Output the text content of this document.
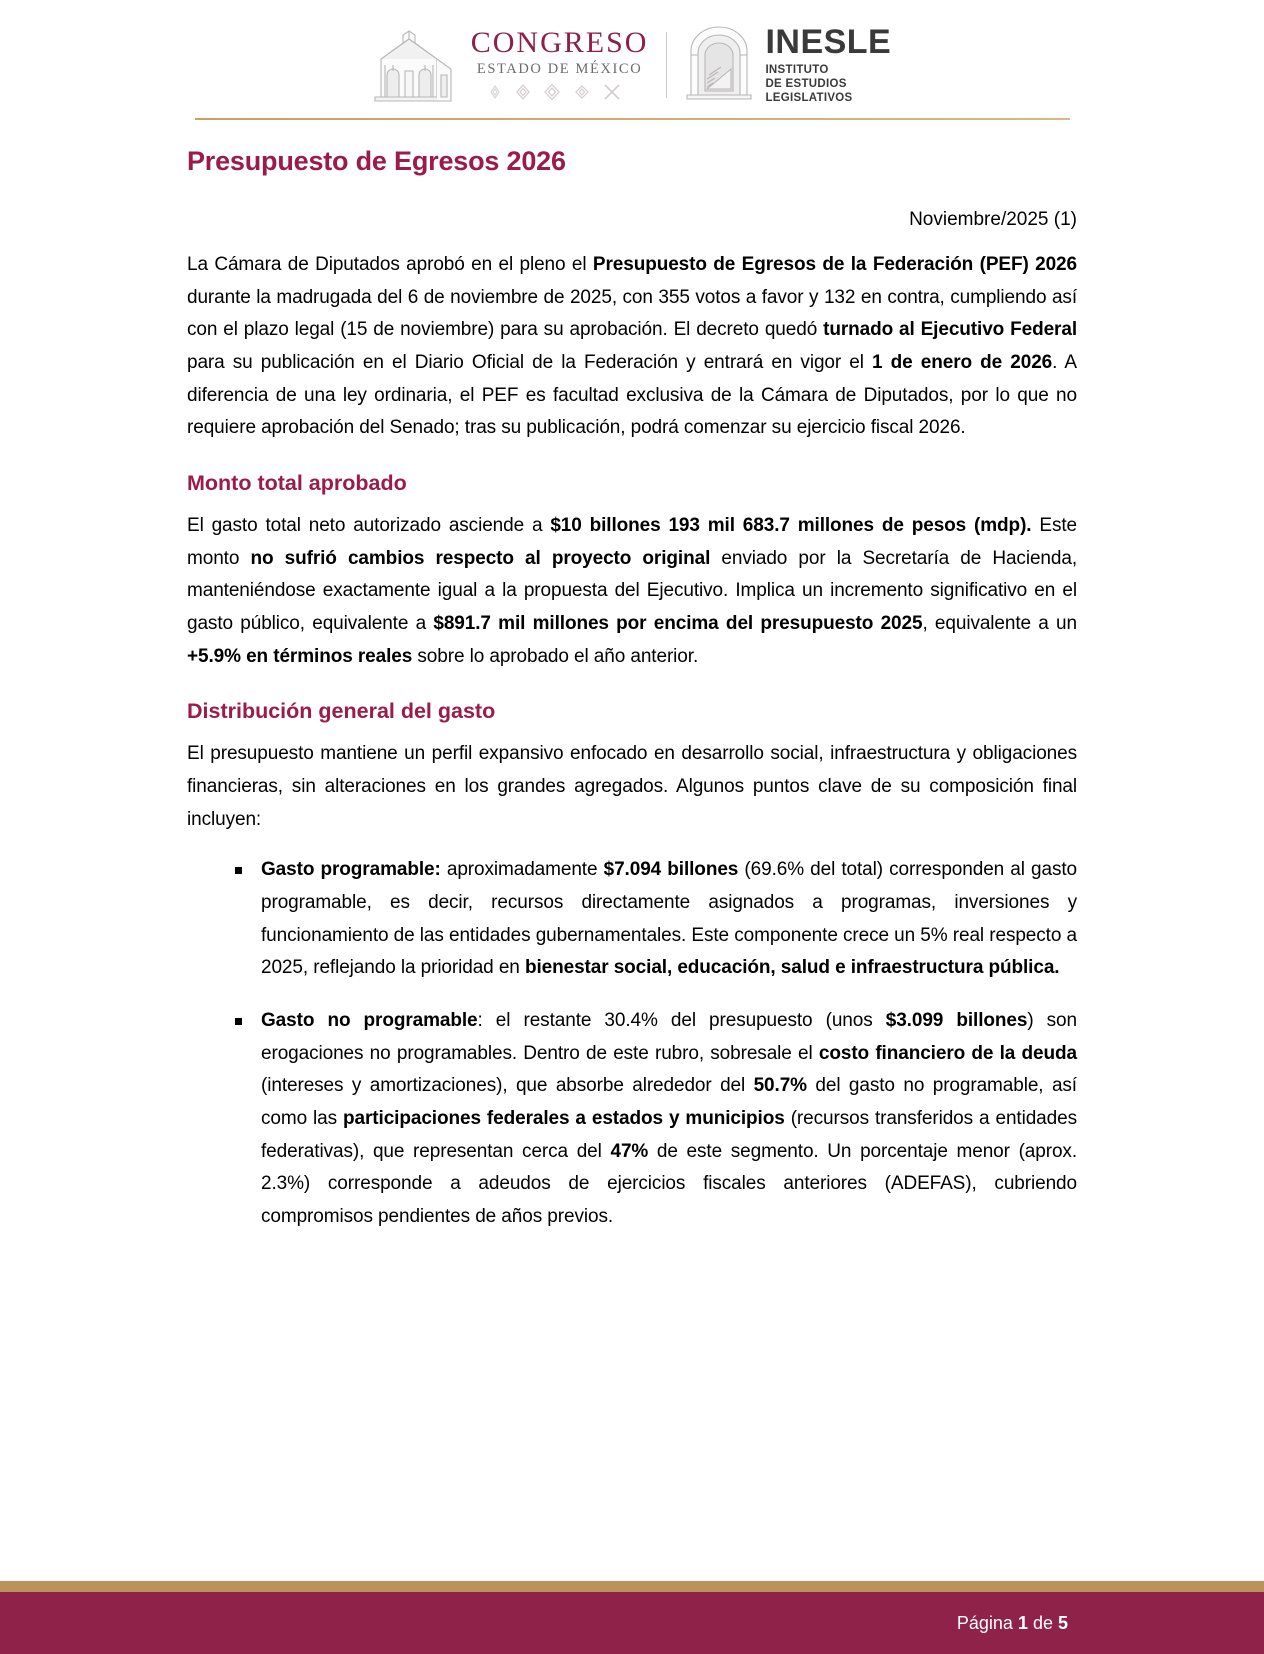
CONGRESO
ESTADO DE MÉXICO
INESLE
INSTITUTO
DE ESTUDIOS
LEGISLATIVOS
Presupuesto de Egresos 2026
Noviembre/2025 (1)

La Cámara de Diputados aprobó en el pleno el Presupuesto de Egresos de la Federación (PEF) 2026 durante la madrugada del 6 de noviembre de 2025, con 355 votos a favor y 132 en contra, cumpliendo así con el plazo legal (15 de noviembre) para su aprobación. El decreto quedó turnado al Ejecutivo Federal para su publicación en el Diario Oficial de la Federación y entrará en vigor el 1 de enero de 2026. A diferencia de una ley ordinaria, el PEF es facultad exclusiva de la Cámara de Diputados, por lo que no requiere aprobación del Senado; tras su publicación, podrá comenzar su ejercicio fiscal 2026.

Monto total aprobado

El gasto total neto autorizado asciende a $10 billones 193 mil 683.7 millones de pesos (mdp). Este monto no sufrió cambios respecto al proyecto original enviado por la Secretaría de Hacienda, manteniéndose exactamente igual a la propuesta del Ejecutivo. Implica un incremento significativo en el gasto público, equivalente a $891.7 mil millones por encima del presupuesto 2025, equivalente a un +5.9% en términos reales sobre lo aprobado el año anterior.

Distribución general del gasto

El presupuesto mantiene un perfil expansivo enfocado en desarrollo social, infraestructura y obligaciones financieras, sin alteraciones en los grandes agregados. Algunos puntos clave de su composición final incluyen:

Gasto programable: aproximadamente $7.094 billones (69.6% del total) corresponden al gasto programable, es decir, recursos directamente asignados a programas, inversiones y funcionamiento de las entidades gubernamentales. Este componente crece un 5% real respecto a 2025, reflejando la prioridad en bienestar social, educación, salud e infraestructura pública.
Gasto no programable: el restante 30.4% del presupuesto (unos $3.099 billones) son erogaciones no programables. Dentro de este rubro, sobresale el costo financiero de la deuda (intereses y amortizaciones), que absorbe alrededor del 50.7% del gasto no programable, así como las participaciones federales a estados y municipios (recursos transferidos a entidades federativas), que representan cerca del 47% de este segmento. Un porcentaje menor (aprox. 2.3%) corresponde a adeudos de ejercicios fiscales anteriores (ADEFAS), cubriendo compromisos pendientes de años previos.
Página 1 de 5
